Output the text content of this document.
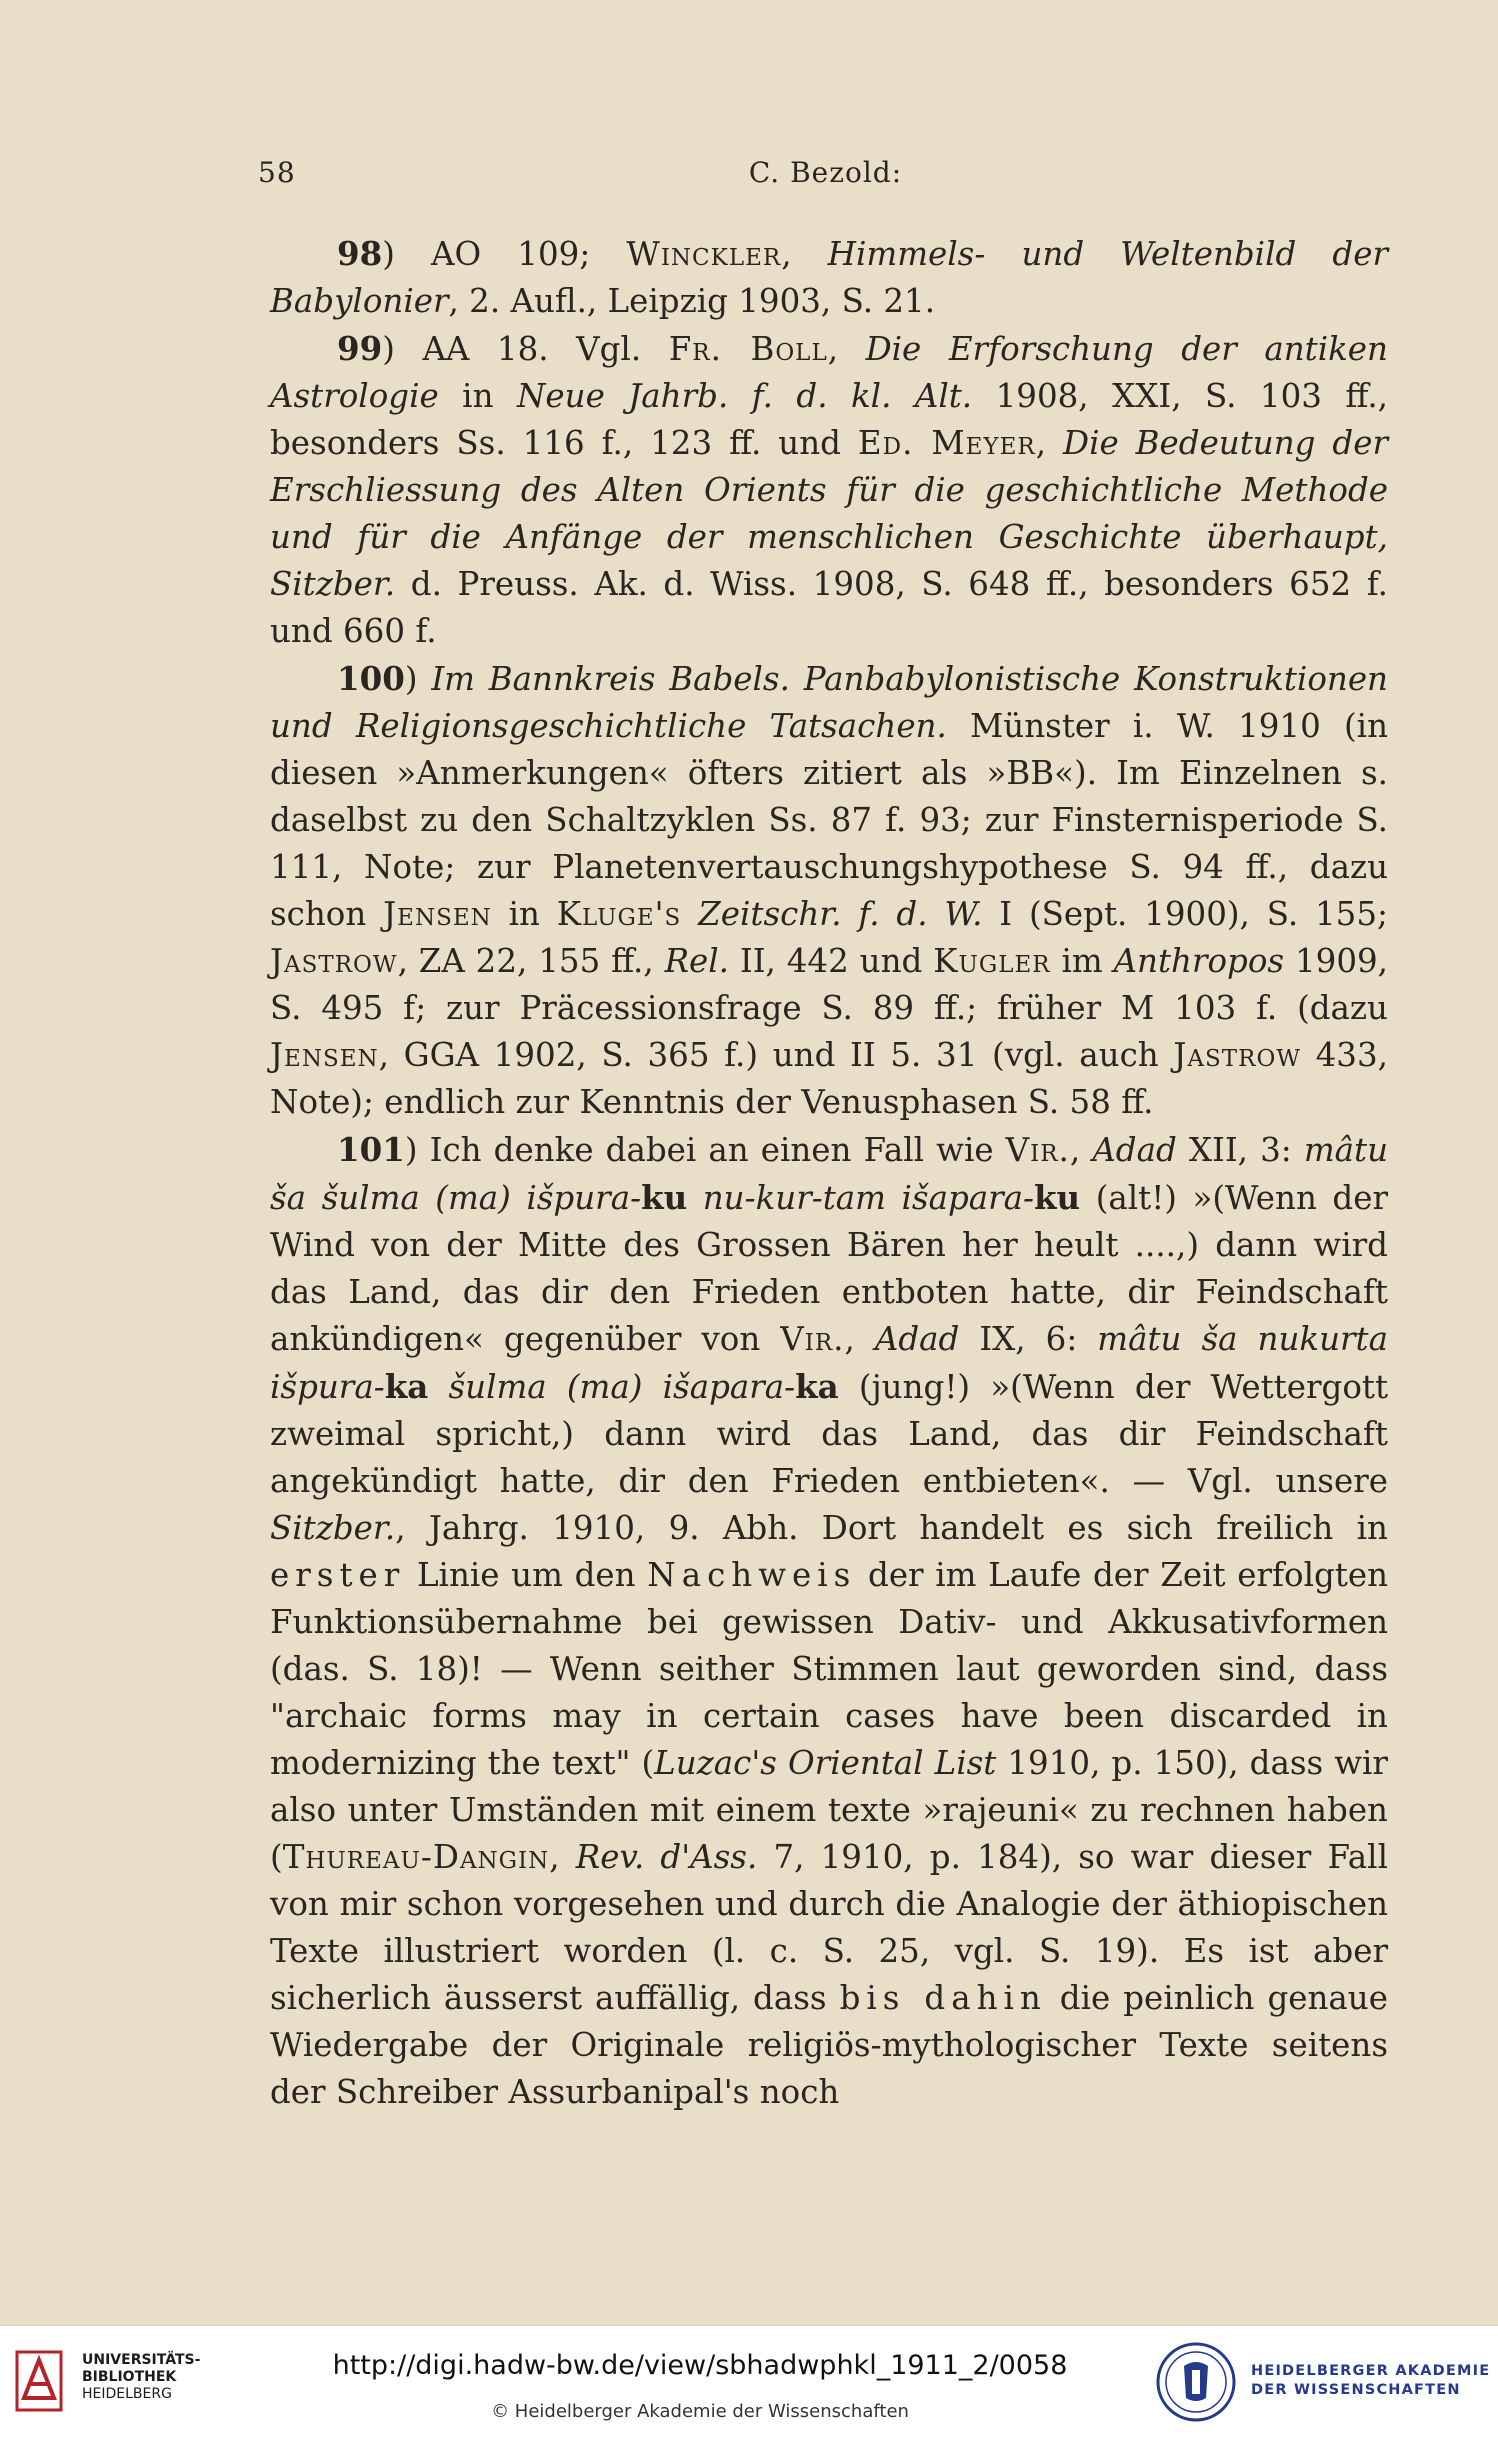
58	C. Bezold:

98) AO 109; Winckler, Himmels- und Weltenbild der Babylonier, 2. Aufl., Leipzig 1903, S. 21.

99) AA 18. Vgl. Fr. Boll, Die Erforschung der antiken Astrologie in Neue Jahrb. f. d. kl. Alt. 1908, XXI, S. 103 ff., besonders Ss. 116 f., 123 ff. und Ed. Meyer, Die Bedeutung der Erschliessung des Alten Orients für die geschichtliche Methode und für die Anfänge der menschlichen Geschichte überhaupt, Sitzber. d. Preuss. Ak. d. Wiss. 1908, S. 648 ff., besonders 652 f. und 660 f.

100) Im Bannkreis Babels. Panbabylonistische Konstruktionen und Religionsgeschichtliche Tatsachen. Münster i. W. 1910 (in diesen »Anmerkungen« öfters zitiert als »BB«). Im Einzelnen s. daselbst zu den Schaltzyklen Ss. 87 f. 93; zur Finsternisperiode S. 111, Note; zur Planetenvertauschungshypothese S. 94 ff., dazu schon Jensen in Kluge's Zeitschr. f. d. W. I (Sept. 1900), S. 155; Jastrow, ZA 22, 155 ff., Rel. II, 442 und Kugler im Anthropos 1909, S. 495 f; zur Präcessionsfrage S. 89 ff.; früher M 103 f. (dazu Jensen, GGA 1902, S. 365 f.) und II 5. 31 (vgl. auch Jastrow 433, Note); endlich zur Kenntnis der Venusphasen S. 58 ff.

101) Ich denke dabei an einen Fall wie Vir., Adad XII, 3: mâtu ša šulma (ma) išpura-ku nu-kur-tam išapara-ku (alt!) »(Wenn der Wind von der Mitte des Grossen Bären her heult ....,) dann wird das Land, das dir den Frieden entboten hatte, dir Feindschaft ankündigen« gegenüber von Vir., Adad IX, 6: mâtu ša nukurta išpura-ka šulma (ma) išapara-ka (jung!) »(Wenn der Wettergott zweimal spricht,) dann wird das Land, das dir Feindschaft angekündigt hatte, dir den Frieden entbieten«. — Vgl. unsere Sitzber., Jahrg. 1910, 9. Abh. Dort handelt es sich freilich in erster Linie um den Nachweis der im Laufe der Zeit erfolgten Funktionsübernahme bei gewissen Dativ- und Akkusativformen (das. S. 18)! — Wenn seither Stimmen laut geworden sind, dass "archaic forms may in certain cases have been discarded in modernizing the text" (Luzac's Oriental List 1910, p. 150), dass wir also unter Umständen mit einem texte »rajeuni« zu rechnen haben (Thureau-Dangin, Rev. d'Ass. 7, 1910, p. 184), so war dieser Fall von mir schon vorgesehen und durch die Analogie der äthiopischen Texte illustriert worden (l. c. S. 25, vgl. S. 19). Es ist aber sicherlich äusserst auffällig, dass bis dahin die peinlich genaue Wiedergabe der Originale religiös-mythologischer Texte seitens der Schreiber Assurbanipal's noch

UNIVERSITÄTS-
BIBLIOTHEK
HEIDELBERG
http://digi.hadw-bw.de/view/sbhadwphkl_1911_2/0058
© Heidelberger Akademie der Wissenschaften
HEIDELBERGER AKADEMIE
DER WISSENSCHAFTEN
